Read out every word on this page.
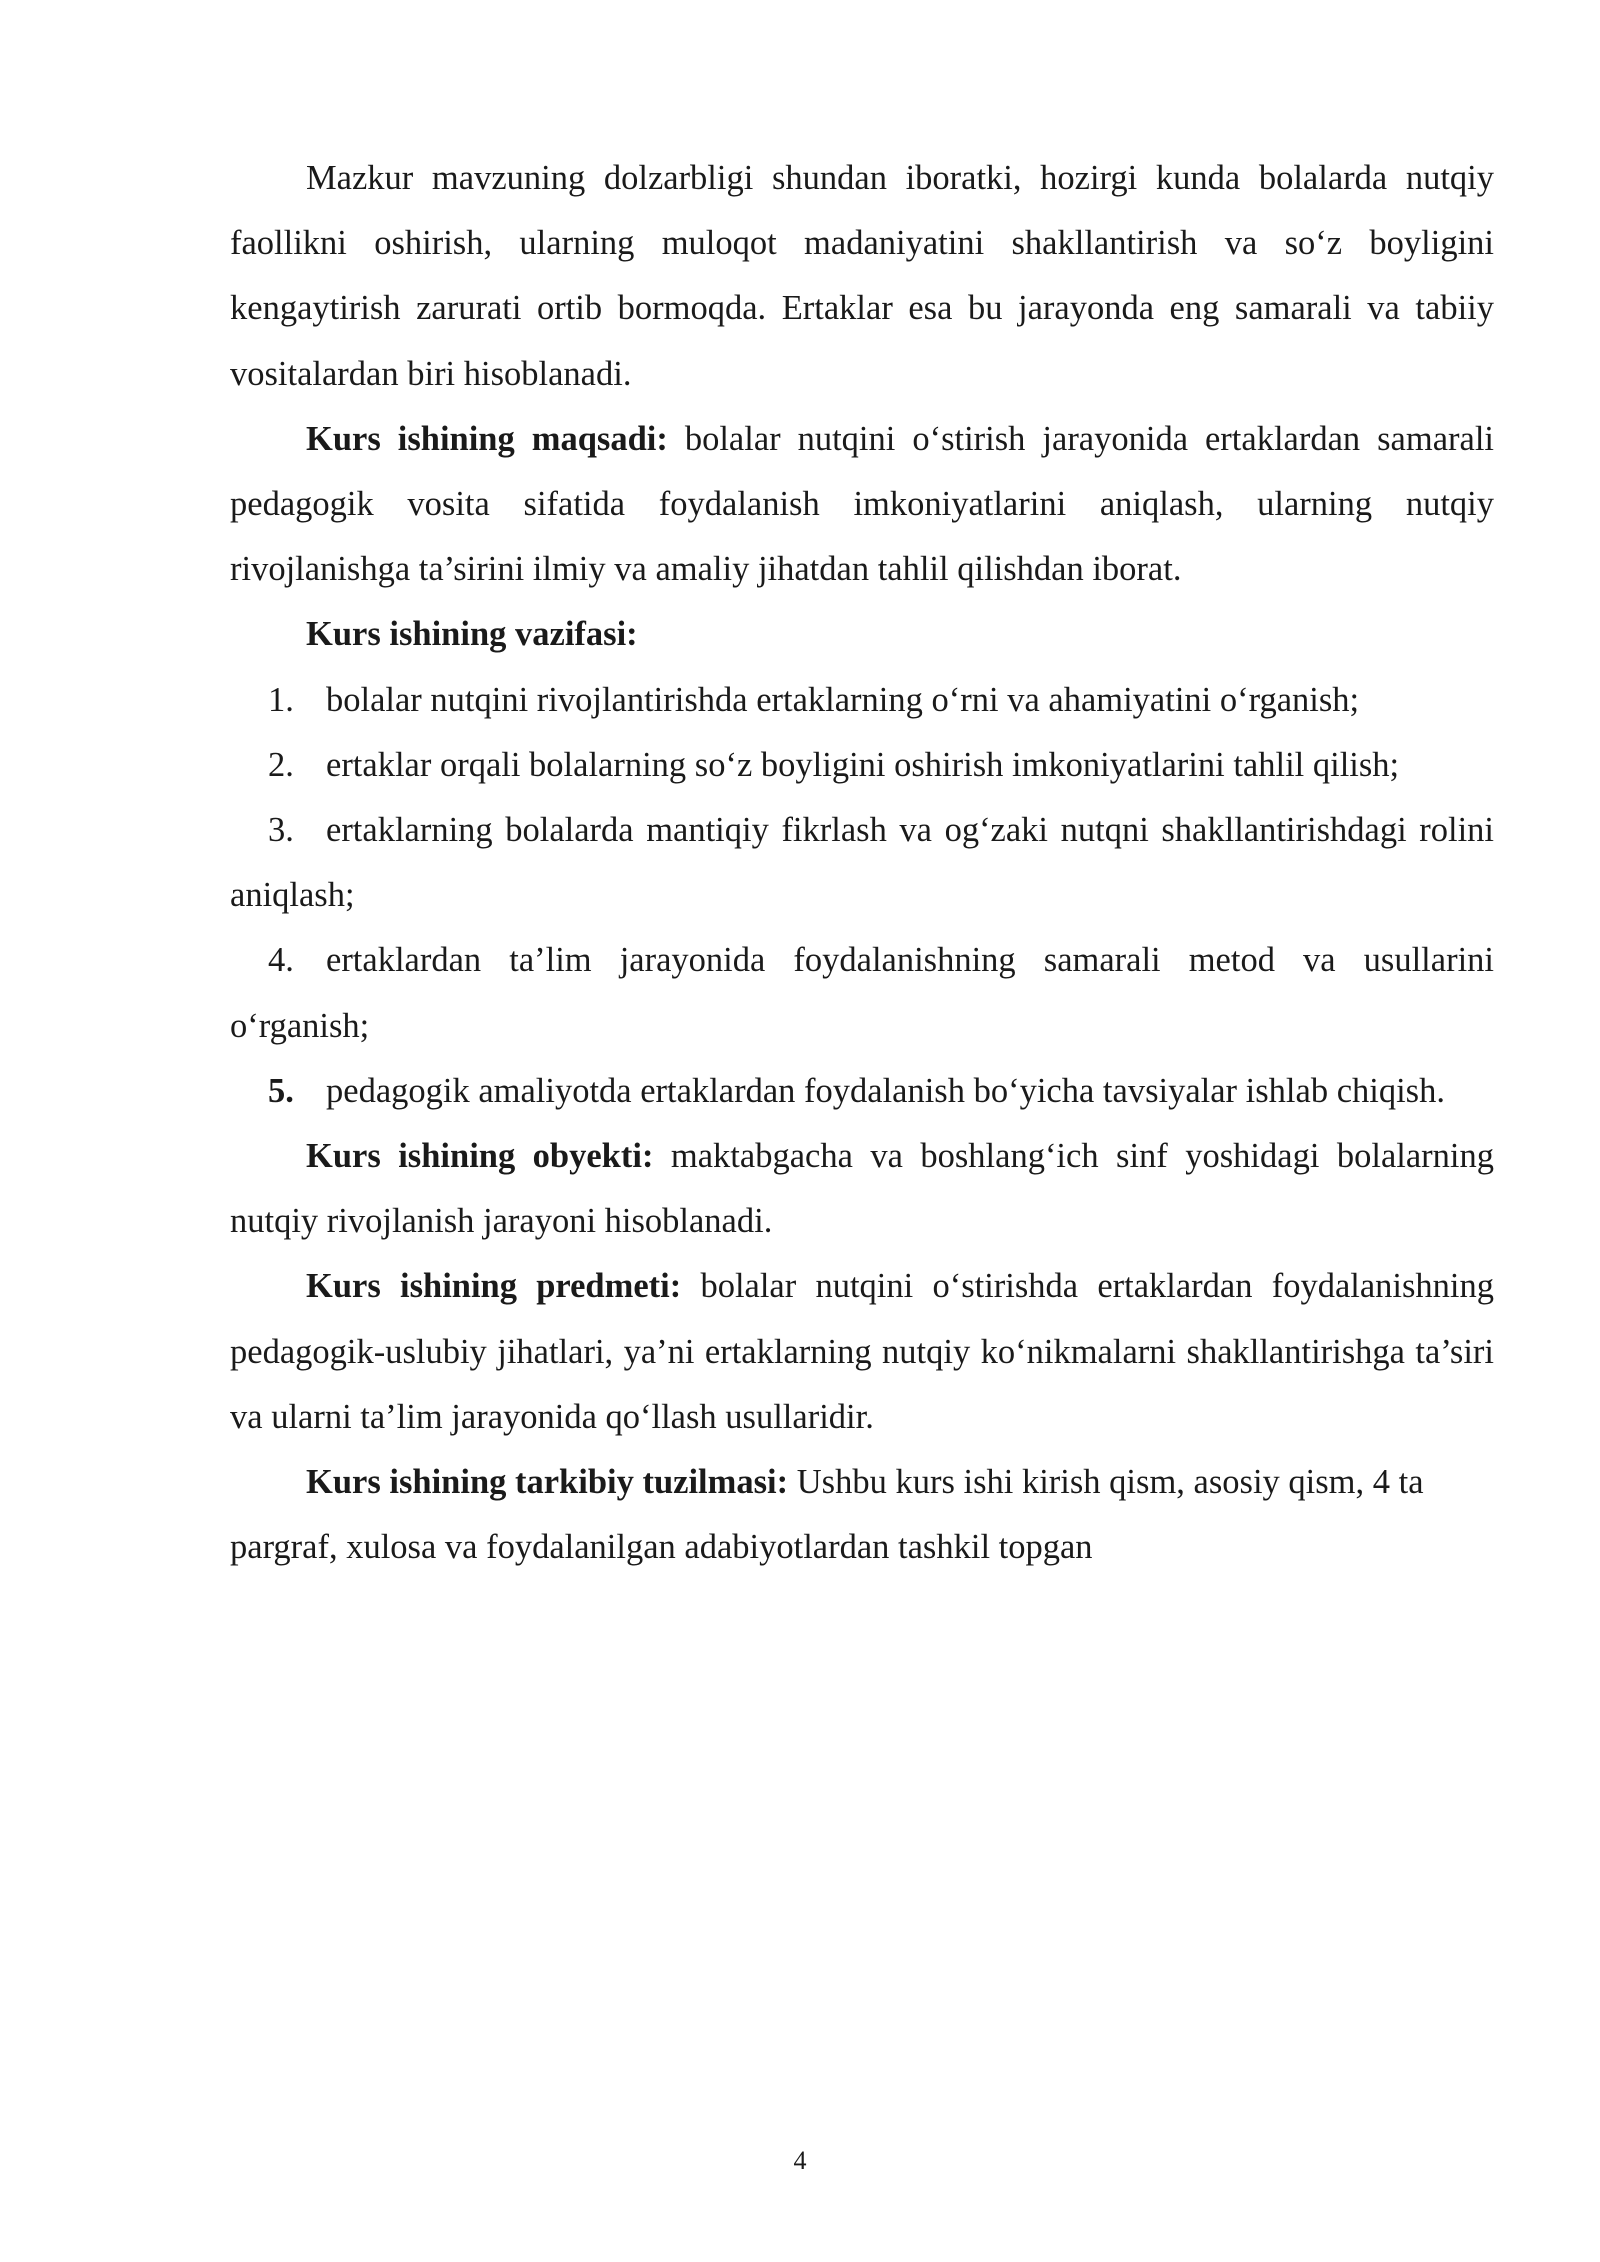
Mazkur mavzuning dolzarbligi shundan iboratki, hozirgi kunda bolalarda nutqiy faollikni oshirish, ularning muloqot madaniyatini shakllantirish va so‘z boyligini kengaytirish zarurati ortib bormoqda. Ertaklar esa bu jarayonda eng samarali va tabiiy vositalardan biri hisoblanadi.

Kurs ishining maqsadi: bolalar nutqini o‘stirish jarayonida ertaklardan samarali pedagogik vosita sifatida foydalanish imkoniyatlarini aniqlash, ularning nutqiy rivojlanishga ta’sirini ilmiy va amaliy jihatdan tahlil qilishdan iborat.

Kurs ishining vazifasi:

1. bolalar nutqini rivojlantirishda ertaklarning o‘rni va ahamiyatini o‘rganish;

2. ertaklar orqali bolalarning so‘z boyligini oshirish imkoniyatlarini tahlil qilish;

3. ertaklarning bolalarda mantiqiy fikrlash va og‘zaki nutqni shakllantirishdagi rolini aniqlash;

4. ertaklardan ta’lim jarayonida foydalanishning samarali metod va usullarini o‘rganish;

5. pedagogik amaliyotda ertaklardan foydalanish bo‘yicha tavsiyalar ishlab chiqish.

Kurs ishining obyekti: maktabgacha va boshlang‘ich sinf yoshidagi bolalarning nutqiy rivojlanish jarayoni hisoblanadi.

Kurs ishining predmeti: bolalar nutqini o‘stirishda ertaklardan foydalanishning pedagogik-uslubiy jihatlari, ya’ni ertaklarning nutqiy ko‘nikmalarni shakllantirishga ta’siri va ularni ta’lim jarayonida qo‘llash usullaridir.

Kurs ishining tarkibiy tuzilmasi: Ushbu kurs ishi kirish qism, asosiy qism, 4 ta pargraf, xulosa va foydalanilgan adabiyotlardan tashkil topgan

4
